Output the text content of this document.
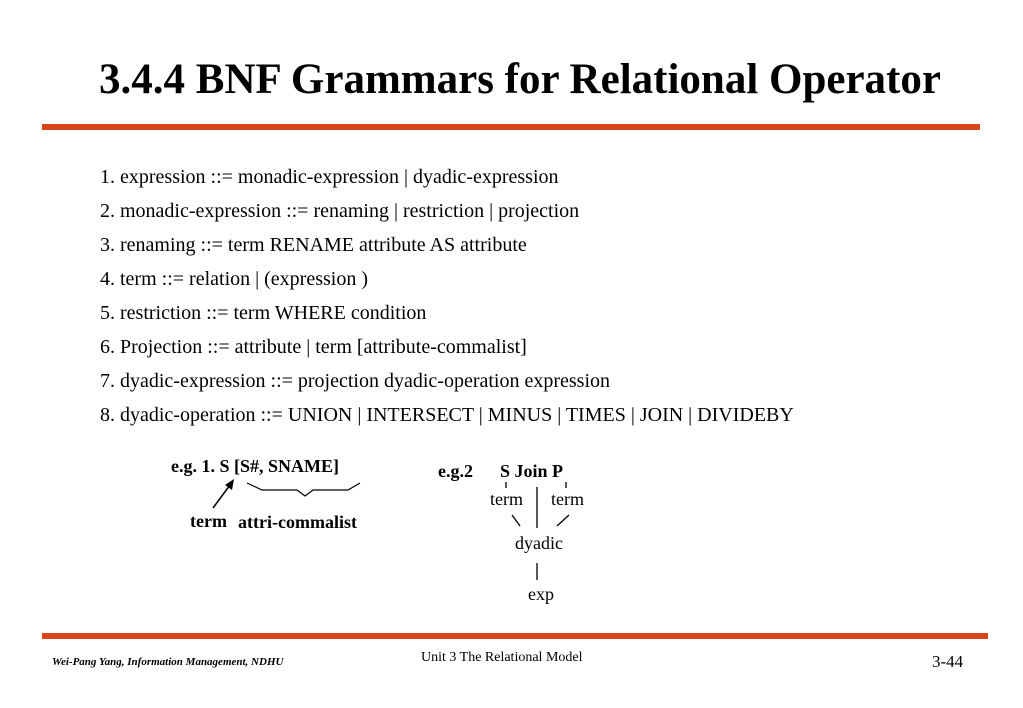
3.4.4 BNF Grammars for Relational Operator
1. expression ::= monadic-expression | dyadic-expression
2. monadic-expression ::= renaming | restriction | projection
3. renaming ::= term RENAME attribute AS attribute
4. term ::= relation | (expression )
5. restriction ::= term WHERE condition
6. Projection ::= attribute | term [attribute-commalist]
7. dyadic-expression ::= projection dyadic-operation expression
8. dyadic-operation ::= UNION | INTERSECT | MINUS | TIMES | JOIN | DIVIDEBY
e.g. 1. S [S#, SNAME]
term attri-commalist
e.g.2 S Join P
term term
dyadic
exp
Wei-Pang Yang, Information Management, NDHU	Unit 3 The Relational Model	3-44
